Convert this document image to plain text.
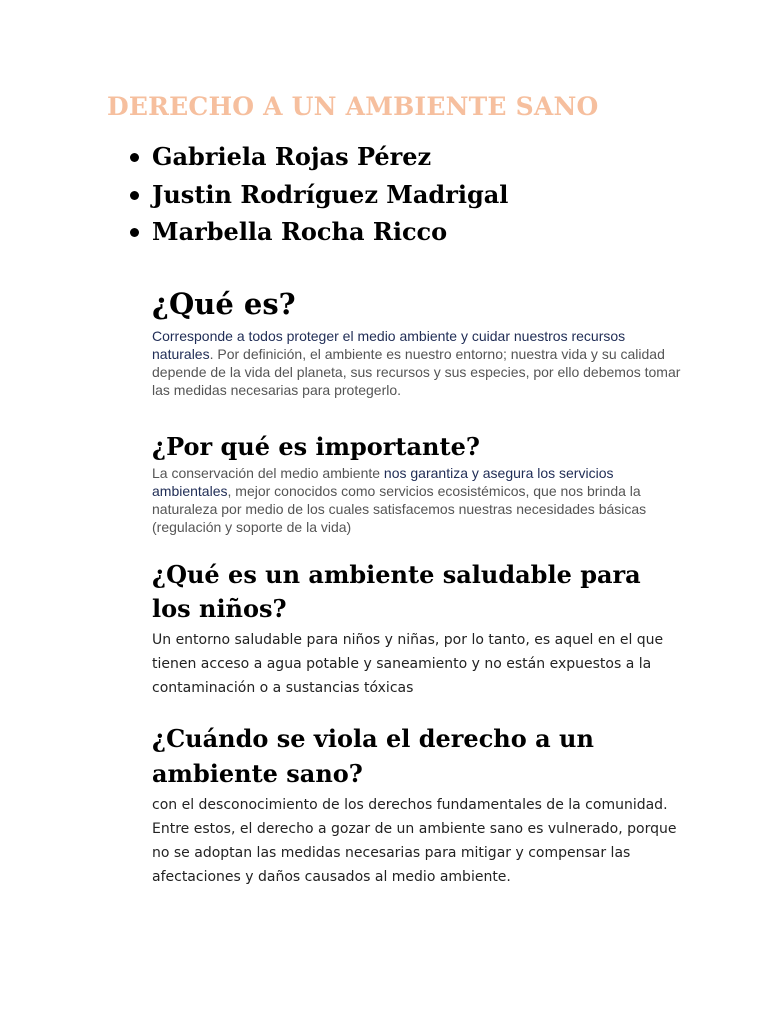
DERECHO A UN AMBIENTE SANO
Gabriela Rojas Pérez
Justin Rodríguez Madrigal
Marbella Rocha Ricco
¿Qué es?

Corresponde a todos proteger el medio ambiente y cuidar nuestros recursos naturales. Por definición, el ambiente es nuestro entorno; nuestra vida y su calidad depende de la vida del planeta, sus recursos y sus especies, por ello debemos tomar las medidas necesarias para protegerlo.

¿Por qué es importante?

La conservación del medio ambiente nos garantiza y asegura los servicios ambientales, mejor conocidos como servicios ecosistémicos, que nos brinda la naturaleza por medio de los cuales satisfacemos nuestras necesidades básicas (regulación y soporte de la vida)

¿Qué es un ambiente saludable para los niños?

Un entorno saludable para niños y niñas, por lo tanto, es aquel en el que tienen acceso a agua potable y saneamiento y no están expuestos a la contaminación o a sustancias tóxicas

¿Cuándo se viola el derecho a un ambiente sano?

con el desconocimiento de los derechos fundamentales de la comunidad. Entre estos, el derecho a gozar de un ambiente sano es vulnerado, porque no se adoptan las medidas necesarias para mitigar y compensar las afectaciones y daños causados al medio ambiente.
